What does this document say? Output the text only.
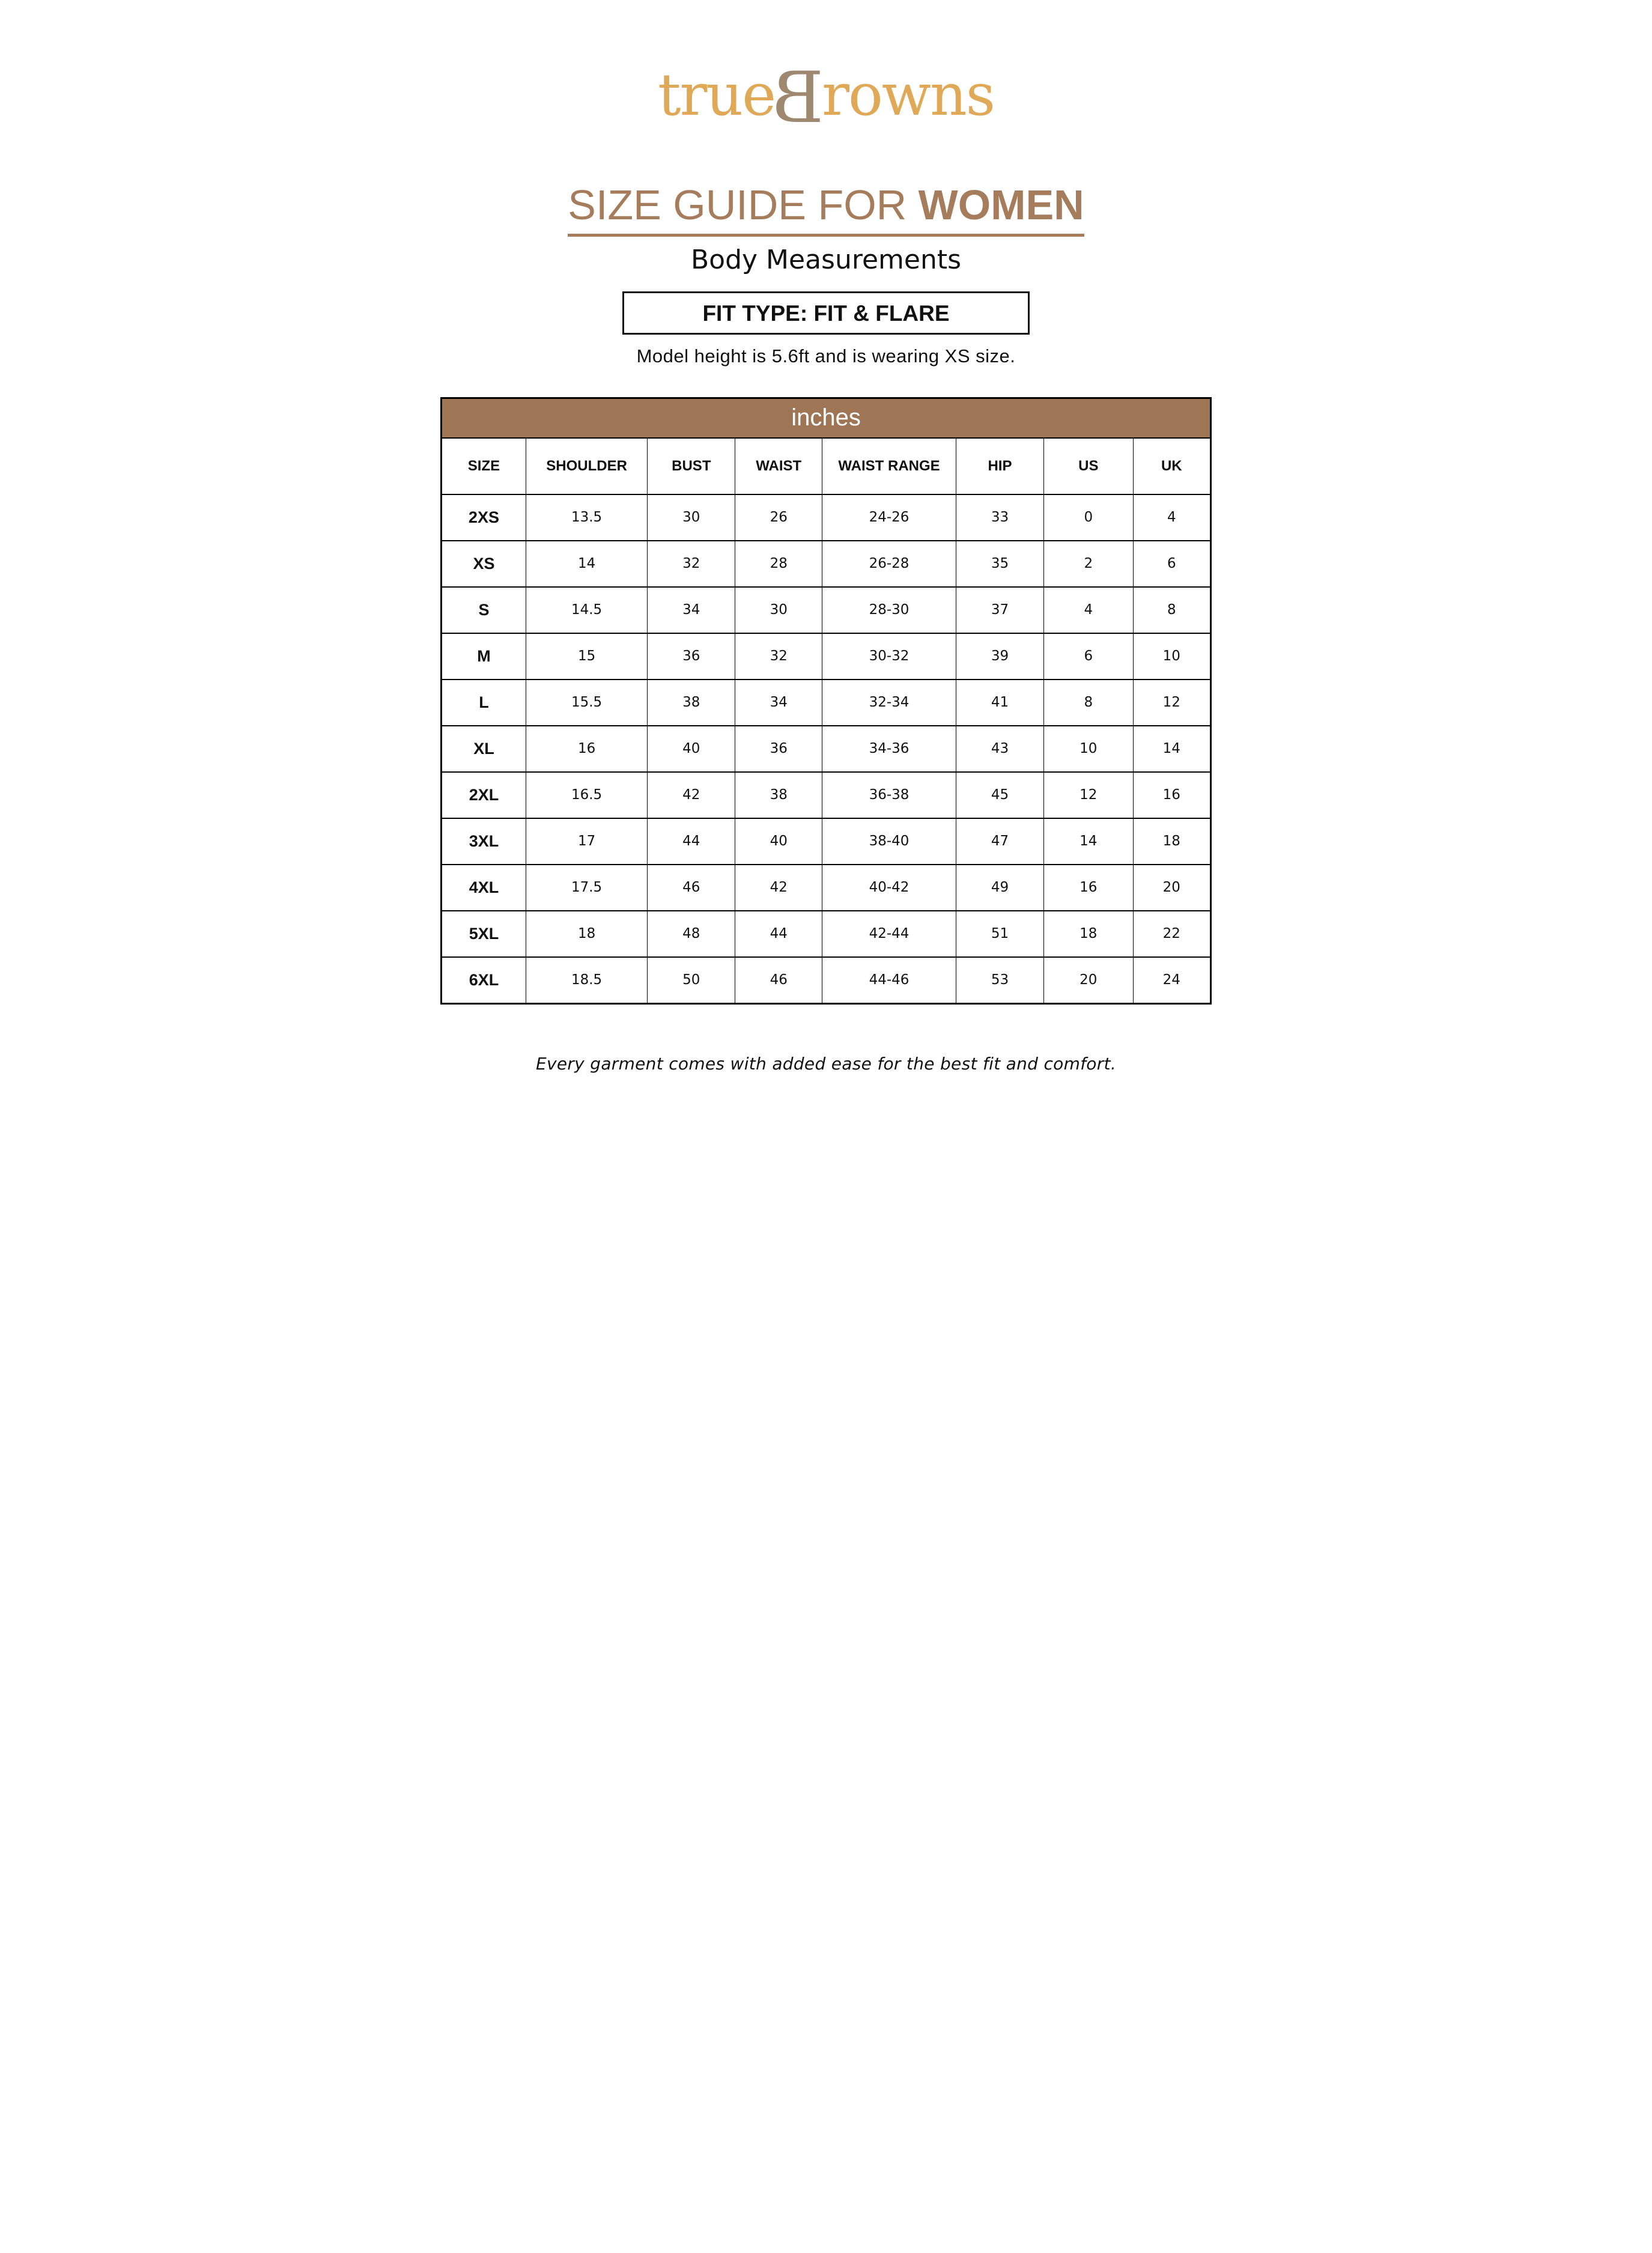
trueBrowns
SIZE GUIDE FOR WOMEN
Body Measurements
FIT TYPE: FIT & FLARE
Model height is 5.6ft and is wearing XS size.
inches							
SIZE	SHOULDER	BUST	WAIST	WAIST RANGE	HIP	US	UK
2XS	13.5	30	26	24-26	33	0	4
XS	14	32	28	26-28	35	2	6
S	14.5	34	30	28-30	37	4	8
M	15	36	32	30-32	39	6	10
L	15.5	38	34	32-34	41	8	12
XL	16	40	36	34-36	43	10	14
2XL	16.5	42	38	36-38	45	12	16
3XL	17	44	40	38-40	47	14	18
4XL	17.5	46	42	40-42	49	16	20
5XL	18	48	44	42-44	51	18	22
6XL	18.5	50	46	44-46	53	20	24
Every garment comes with added ease for the best fit and comfort.
